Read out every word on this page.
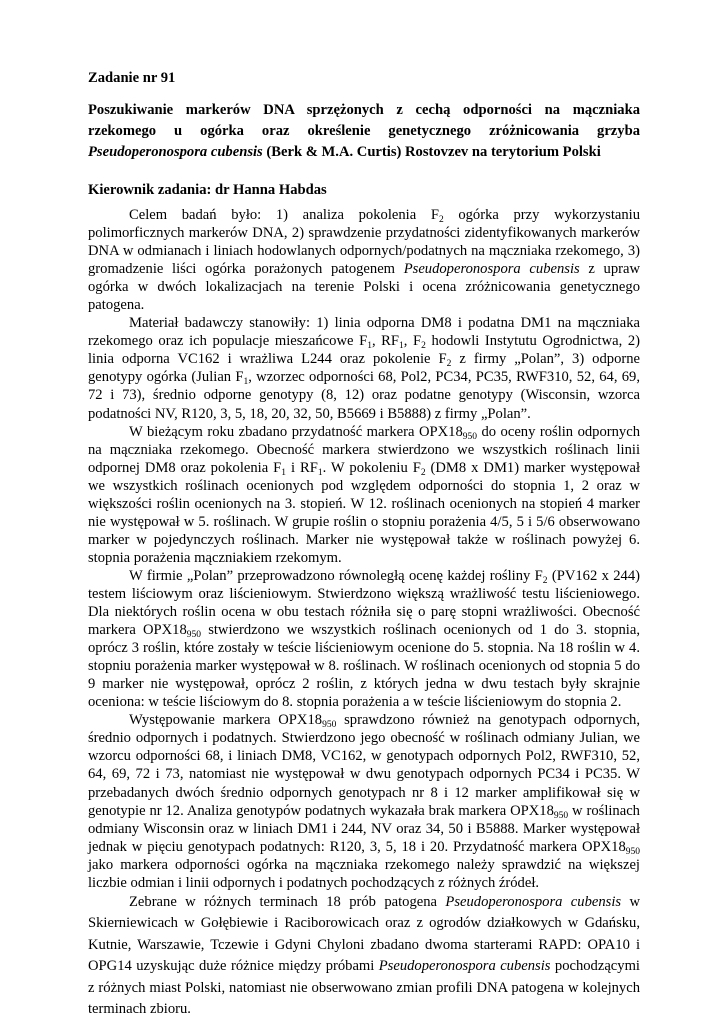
Zadanie nr 91

Poszukiwanie markerów DNA sprzężonych z cechą odporności na mączniaka
rzekomego u ogórka oraz określenie genetycznego zróżnicowania grzyba
Pseudoperonospora cubensis (Berk & M.A. Curtis) Rostovzev na terytorium Polski

Kierownik zadania: dr Hanna Habdas

Celem badań było: 1) analiza pokolenia $F_2$ ogórka przy wykorzystaniu polimorficznych markerów DNA, 2) sprawdzenie przydatności zidentyfikowanych markerów DNA w odmianach i liniach hodowlanych odpornych/podatnych na mączniaka rzekomego, 3) gromadzenie liści ogórka porażonych patogenem Pseudoperonospora cubensis z upraw ogórka w dwóch lokalizacjach na terenie Polski i ocena zróżnicowania genetycznego patogena.

Materiał badawczy stanowiły: 1) linia odporna DM8 i podatna DM1 na mączniaka rzekomego oraz ich populacje mieszańcowe $F_1$, $RF_1$, $F_2$ hodowli Instytutu Ogrodnictwa, 2) linia odporna VC162 i wrażliwa L244 oraz pokolenie $F_2$ z firmy „Polan”, 3) odporne genotypy ogórka (Julian $F_1$, wzorzec odporności 68, Pol2, PC34, PC35, RWF310, 52, 64, 69, 72 i 73), średnio odporne genotypy (8, 12) oraz podatne genotypy (Wisconsin, wzorca podatności NV, R120, 3, 5, 18, 20, 32, 50, B5669 i B5888) z firmy „Polan”.

W bieżącym roku zbadano przydatność markera $OPX18_{950}$ do oceny roślin odpornych na mączniaka rzekomego. Obecność markera stwierdzono we wszystkich roślinach linii odpornej DM8 oraz pokolenia $F_1$ i $RF_1$. W pokoleniu $F_2$ (DM8 x DM1) marker występował we wszystkich roślinach ocenionych pod względem odporności do stopnia 1, 2 oraz w większości roślin ocenionych na 3. stopień. W 12. roślinach ocenionych na stopień 4 marker nie występował w 5. roślinach. W grupie roślin o stopniu porażenia 4/5, 5 i 5/6 obserwowano marker w pojedynczych roślinach. Marker nie występował także w roślinach powyżej 6. stopnia porażenia mączniakiem rzekomym.

W firmie „Polan” przeprowadzono równoległą ocenę każdej rośliny $F_2$ (PV162 x 244) testem liściowym oraz liścieniowym. Stwierdzono większą wrażliwość testu liścieniowego. Dla niektórych roślin ocena w obu testach różniła się o parę stopni wrażliwości. Obecność markera $OPX18_{950}$ stwierdzono we wszystkich roślinach ocenionych od 1 do 3. stopnia, oprócz 3 roślin, które zostały w teście liścieniowym ocenione do 5. stopnia. Na 18 roślin w 4. stopniu porażenia marker występował w 8. roślinach. W roślinach ocenionych od stopnia 5 do 9 marker nie występował, oprócz 2 roślin, z których jedna w dwu testach były skrajnie oceniona: w teście liściowym do 8. stopnia porażenia a w teście liścieniowym do stopnia 2.

Występowanie markera $OPX18_{950}$ sprawdzono również na genotypach odpornych, średnio odpornych i podatnych. Stwierdzono jego obecność w roślinach odmiany Julian, we wzorcu odporności 68, i liniach DM8, VC162, w genotypach odpornych Pol2, RWF310, 52, 64, 69, 72 i 73, natomiast nie występował w dwu genotypach odpornych PC34 i PC35. W przebadanych dwóch średnio odpornych genotypach nr 8 i 12 marker amplifikował się w genotypie nr 12. Analiza genotypów podatnych wykazała brak markera $OPX18_{950}$ w roślinach odmiany Wisconsin oraz w liniach DM1 i 244, NV oraz 34, 50 i B5888. Marker występował jednak w pięciu genotypach podatnych: R120, 3, 5, 18 i 20. Przydatność markera $OPX18_{950}$ jako markera odporności ogórka na mączniaka rzekomego należy sprawdzić na większej liczbie odmian i linii odpornych i podatnych pochodzących z różnych źródeł.

Zebrane w różnych terminach 18 prób patogena Pseudoperonospora cubensis w Skierniewicach w Gołębiewie i Raciborowicach oraz z ogrodów działkowych w Gdańsku, Kutnie, Warszawie, Tczewie i Gdyni Chyloni zbadano dwoma starterami RAPD: OPA10 i OPG14 uzyskując duże różnice między próbami Pseudoperonospora cubensis pochodzącymi z różnych miast Polski, natomiast nie obserwowano zmian profili DNA patogena w kolejnych terminach zbioru.
